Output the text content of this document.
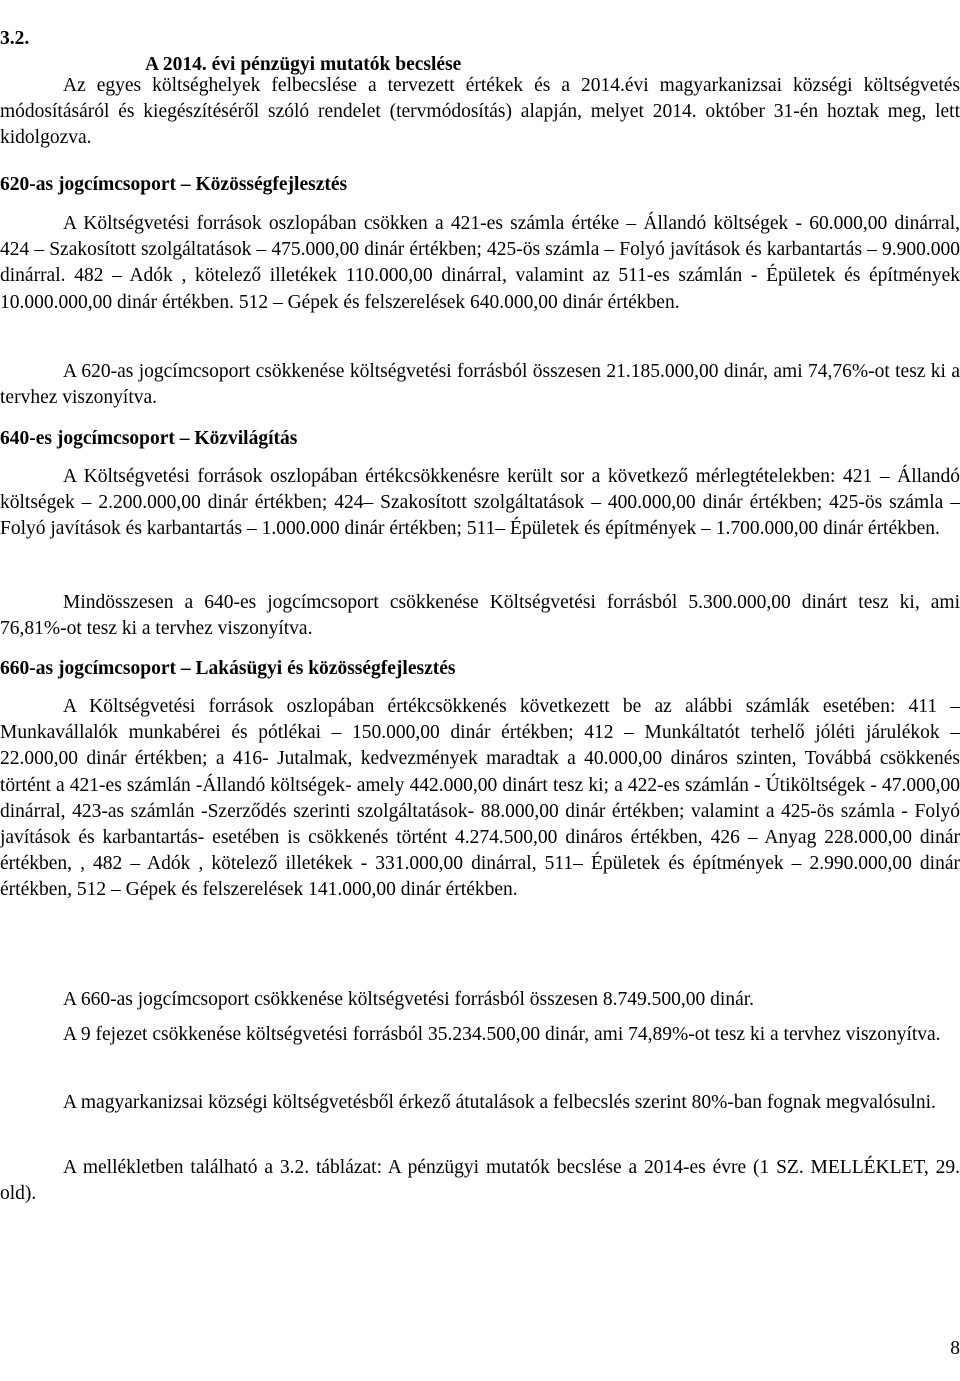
3.2.

A 2014. évi pénzügyi mutatók becslése

Az egyes költséghelyek felbecslése a tervezett értékek és a 2014.évi magyarkanizsai községi költségvetés módosításáról és kiegészítéséről szóló rendelet (tervmódosítás) alapján, melyet 2014. október 31-én hoztak meg, lett kidolgozva.

620-as jogcímcsoport – Közösségfejlesztés

A Költségvetési források oszlopában csökken a 421-es számla értéke – Állandó költségek - 60.000,00 dinárral, 424 – Szakosított szolgáltatások – 475.000,00 dinár értékben; 425-ös számla – Folyó javítások és karbantartás – 9.900.000 dinárral. 482 – Adók , kötelező illetékek 110.000,00 dinárral, valamint az 511-es számlán - Épületek és építmények 10.000.000,00 dinár értékben. 512 – Gépek és felszerelések 640.000,00 dinár értékben.

A 620-as jogcímcsoport csökkenése költségvetési forrásból összesen 21.185.000,00 dinár, ami 74,76%-ot tesz ki a tervhez viszonyítva.

640-es jogcímcsoport – Közvilágítás

A Költségvetési források oszlopában értékcsökkenésre került sor a következő mérlegtételekben: 421 – Állandó költségek – 2.200.000,00 dinár értékben; 424– Szakosított szolgáltatások – 400.000,00 dinár értékben; 425-ös számla – Folyó javítások és karbantartás – 1.000.000 dinár értékben; 511– Épületek és építmények – 1.700.000,00 dinár értékben.

Mindösszesen a 640-es jogcímcsoport csökkenése Költségvetési forrásból 5.300.000,00 dinárt tesz ki, ami 76,81%-ot tesz ki a tervhez viszonyítva.

660-as jogcímcsoport – Lakásügyi és közösségfejlesztés

A Költségvetési források oszlopában értékcsökkenés következett be az alábbi számlák esetében: 411 – Munkavállalók munkabérei és pótlékai – 150.000,00 dinár értékben; 412 – Munkáltatót terhelő jóléti járulékok – 22.000,00 dinár értékben; a 416- Jutalmak, kedvezmények maradtak a 40.000,00 dináros szinten, Továbbá csökkenés történt a 421-es számlán -Állandó költségek- amely 442.000,00 dinárt tesz ki; a 422-es számlán - Útiköltségek - 47.000,00 dinárral, 423-as számlán -Szerződés szerinti szolgáltatások- 88.000,00 dinár értékben; valamint a 425-ös számla - Folyó javítások és karbantartás- esetében is csökkenés történt 4.274.500,00 dináros értékben, 426 – Anyag 228.000,00 dinár értékben, , 482 – Adók , kötelező illetékek - 331.000,00 dinárral, 511– Épületek és építmények – 2.990.000,00 dinár értékben, 512 – Gépek és felszerelések 141.000,00 dinár értékben.

A 660-as jogcímcsoport csökkenése költségvetési forrásból összesen 8.749.500,00 dinár.

A 9 fejezet csökkenése költségvetési forrásból 35.234.500,00 dinár, ami 74,89%-ot tesz ki a tervhez viszonyítva.

A magyarkanizsai községi költségvetésből érkező átutalások a felbecslés szerint 80%-ban fognak megvalósulni.

A mellékletben található a 3.2. táblázat: A pénzügyi mutatók becslése a 2014-es évre (1 SZ. MELLÉKLET, 29. old).

8
